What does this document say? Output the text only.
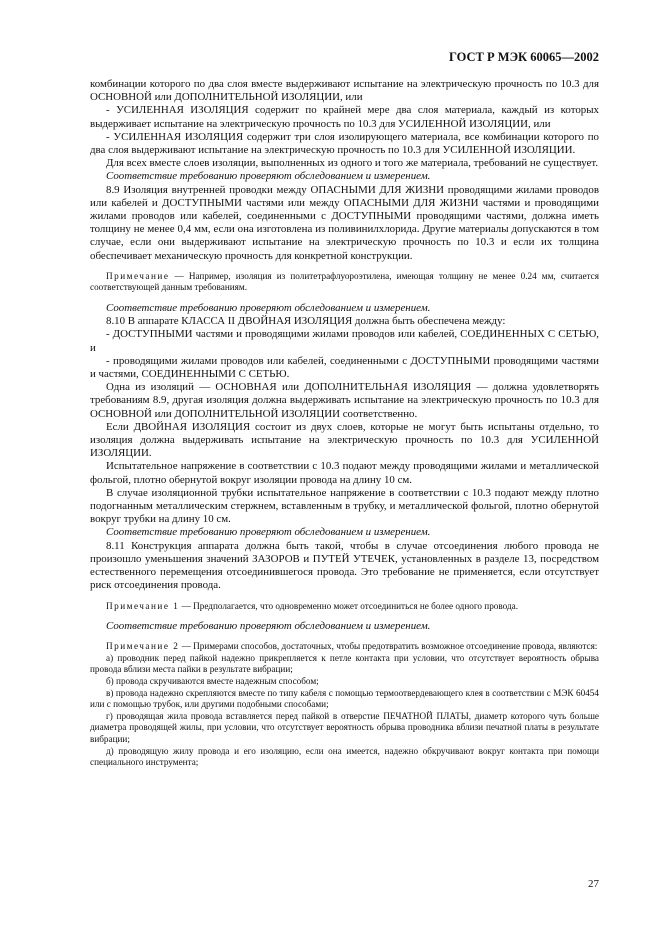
ГОСТ Р МЭК 60065—2002

комбинации которого по два слоя вместе выдерживают испытание на электрическую прочность по 10.3 для ОСНОВНОЙ или ДОПОЛНИТЕЛЬНОЙ ИЗОЛЯЦИИ, или

- УСИЛЕННАЯ ИЗОЛЯЦИЯ содержит по крайней мере два слоя материала, каждый из которых выдерживает испытание на электрическую прочность по 10.3 для УСИЛЕННОЙ ИЗОЛЯЦИИ, или

- УСИЛЕННАЯ ИЗОЛЯЦИЯ содержит три слоя изолирующего материала, все комбинации которого по два слоя выдерживают испытание на электрическую прочность по 10.3 для УСИЛЕННОЙ ИЗОЛЯЦИИ.

Для всех вместе слоев изоляции, выполненных из одного и того же материала, требований не существует.

Соответствие требованию проверяют обследованием и измерением.

8.9 Изоляция внутренней проводки между ОПАСНЫМИ ДЛЯ ЖИЗНИ проводящими жилами проводов или кабелей и ДОСТУПНЫМИ частями или между ОПАСНЫМИ ДЛЯ ЖИЗНИ частями и проводящими жилами проводов или кабелей, соединенными с ДОСТУПНЫМИ проводящими частями, должна иметь толщину не менее 0,4 мм, если она изготовлена из поливинилхлорида. Другие материалы допускаются в том случае, если они выдерживают испытание на электрическую прочность по 10.3 и если их толщина обеспечивает механическую прочность для конкретной конструкции.

Примечание — Например, изоляция из политетрафлуороэтилена, имеющая толщину не менее 0.24 мм, считается соответствующей данным требованиям.

Соответствие требованию проверяют обследованием и измерением.

8.10 В аппарате КЛАССА II ДВОЙНАЯ ИЗОЛЯЦИЯ должна быть обеспечена между:

- ДОСТУПНЫМИ частями и проводящими жилами проводов или кабелей, СОЕДИНЕННЫХ С СЕТЬЮ, и

- проводящими жилами проводов или кабелей, соединенными с ДОСТУПНЫМИ проводящими частями и частями, СОЕДИНЕННЫМИ С СЕТЬЮ.

Одна из изоляций — ОСНОВНАЯ или ДОПОЛНИТЕЛЬНАЯ ИЗОЛЯЦИЯ — должна удовлетворять требованиям 8.9, другая изоляция должна выдерживать испытание на электрическую прочность по 10.3 для ОСНОВНОЙ или ДОПОЛНИТЕЛЬНОЙ ИЗОЛЯЦИИ соответственно.

Если ДВОЙНАЯ ИЗОЛЯЦИЯ состоит из двух слоев, которые не могут быть испытаны отдельно, то изоляция должна выдерживать испытание на электрическую прочность по 10.3 для УСИЛЕННОЙ ИЗОЛЯЦИИ.

Испытательное напряжение в соответствии с 10.3 подают между проводящими жилами и металлической фольгой, плотно обернутой вокруг изоляции провода на длину 10 см.

В случае изоляционной трубки испытательное напряжение в соответствии с 10.3 подают между плотно подогнанным металлическим стержнем, вставленным в трубку, и металлической фольгой, плотно обернутой вокруг трубки на длину 10 см.

Соответствие требованию проверяют обследованием и измерением.

8.11 Конструкция аппарата должна быть такой, чтобы в случае отсоединения любого провода не произошло уменьшения значений ЗАЗОРОВ и ПУТЕЙ УТЕЧЕК, установленных в разделе 13, посредством естественного перемещения отсоединившегося провода. Это требование не применяется, если отсутствует риск отсоединения провода.

Примечание 1 — Предполагается, что одновременно может отсоединиться не более одного провода.

Соответствие требованию проверяют обследованием и измерением.

Примечание 2 — Примерами способов, достаточных, чтобы предотвратить возможное отсоединение провода, являются:

а) проводник перед пайкой надежно прикрепляется к петле контакта при условии, что отсутствует вероятность обрыва провода вблизи места пайки в результате вибрации;

б) провода скручиваются вместе надежным способом;

в) провода надежно скрепляются вместе по типу кабеля с помощью термоотвердевающего клея в соответствии с МЭК 60454 или с помощью трубок, или другими подобными способами;

г) проводящая жила провода вставляется перед пайкой в отверстие ПЕЧАТНОЙ ПЛАТЫ, диаметр которого чуть больше диаметра проводящей жилы, при условии, что отсутствует вероятность обрыва проводника вблизи печатной платы в результате вибрации;

д) проводящую жилу провода и его изоляцию, если она имеется, надежно обкручивают вокруг контакта при помощи специального инструмента;

27
